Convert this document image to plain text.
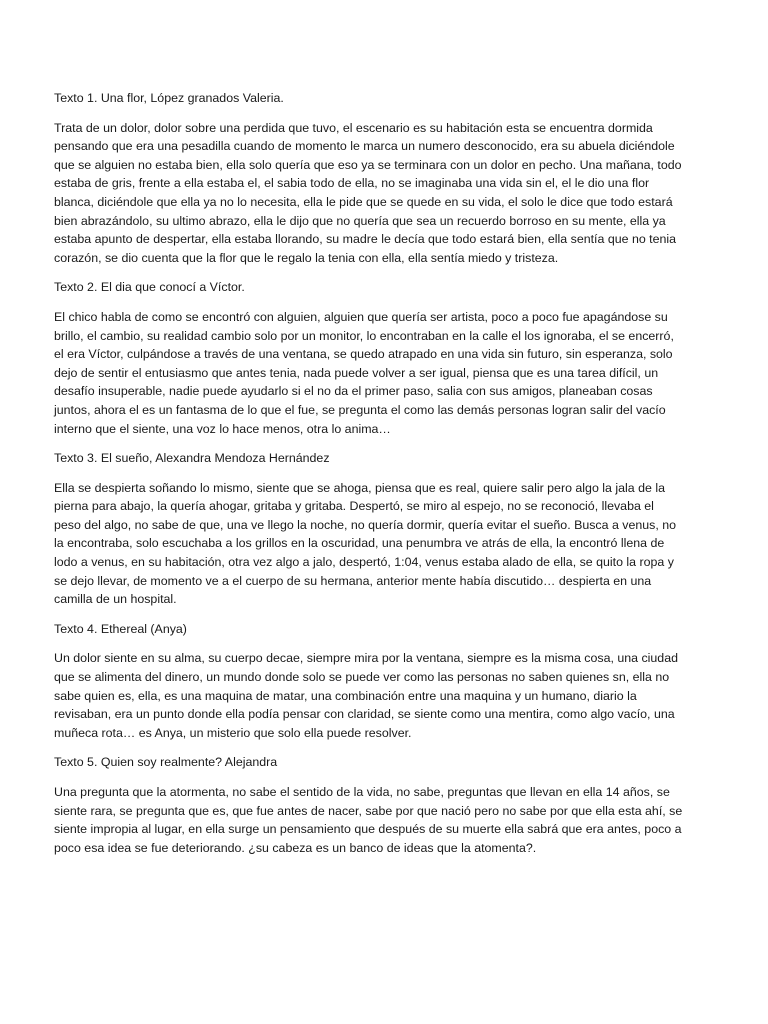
Texto 1. Una flor, López granados Valeria.

Trata de un dolor, dolor sobre una perdida que tuvo, el escenario es su habitación esta se encuentra dormida pensando que era una pesadilla cuando de momento le marca un numero desconocido, era su abuela diciéndole que se alguien no estaba bien, ella solo quería que eso ya se terminara con un dolor en pecho. Una mañana, todo estaba de gris, frente a ella estaba el, el sabia todo de ella, no se imaginaba una vida sin el, el le dio una flor blanca, diciéndole que ella ya no lo necesita, ella le pide que se quede en su vida, el solo le dice que todo estará bien abrazándolo, su ultimo abrazo, ella le dijo que no quería que sea un recuerdo borroso en su mente, ella ya estaba apunto de despertar, ella estaba llorando, su madre le decía que todo estará bien, ella sentía que no tenia corazón, se dio cuenta que la flor que le regalo la tenia con ella, ella sentía miedo y tristeza.

Texto 2. El dia que conocí a Víctor.

El chico habla de como se encontró con alguien, alguien que quería ser artista, poco a poco fue apagándose su brillo, el cambio, su realidad cambio solo por un monitor, lo encontraban en la calle el los ignoraba, el se encerró, el era Víctor, culpándose a través de una ventana, se quedo atrapado en una vida sin futuro, sin esperanza, solo dejo de sentir el entusiasmo que antes tenia, nada puede volver a ser igual, piensa que es una tarea difícil, un desafío insuperable, nadie puede ayudarlo si el no da el primer paso, salia con sus amigos, planeaban cosas juntos, ahora el es un fantasma de lo que el fue, se pregunta el como las demás personas logran salir del vacío interno que el siente, una voz lo hace menos, otra lo anima…

Texto 3. El sueño, Alexandra Mendoza Hernández

Ella se despierta soñando lo mismo, siente que se ahoga, piensa que es real, quiere salir pero algo la jala de la pierna para abajo, la quería ahogar, gritaba y gritaba. Despertó, se miro al espejo, no se reconoció, llevaba el peso del algo, no sabe de que, una ve llego la noche, no quería dormir, quería evitar el sueño. Busca a venus, no la encontraba, solo escuchaba a los grillos en la oscuridad, una penumbra ve atrás de ella, la encontró llena de lodo a venus, en su habitación, otra vez algo a jalo, despertó, 1:04, venus estaba alado de ella, se quito la ropa y se dejo llevar, de momento ve a el cuerpo de su hermana, anterior mente había discutido… despierta en una camilla de un hospital.

Texto 4. Ethereal (Anya)

Un dolor siente en su alma, su cuerpo decae, siempre mira por la ventana, siempre es la misma cosa, una ciudad que se alimenta del dinero, un mundo donde solo se puede ver como las personas no saben quienes sn, ella no sabe quien es, ella, es una maquina de matar, una combinación entre una maquina y un humano, diario la revisaban, era un punto donde ella podía pensar con claridad, se siente como una mentira, como algo vacío, una muñeca rota… es Anya, un misterio que solo ella puede resolver.

Texto 5. Quien soy realmente? Alejandra

Una pregunta que la atormenta, no sabe el sentido de la vida, no sabe, preguntas que llevan en ella 14 años, se siente rara, se pregunta que es, que fue antes de nacer, sabe por que nació pero no sabe por que ella esta ahí, se siente impropia al lugar, en ella surge un pensamiento que después de su muerte ella sabrá que era antes, poco a poco esa idea se fue deteriorando. ¿su cabeza es un banco de ideas que la atomenta?.
